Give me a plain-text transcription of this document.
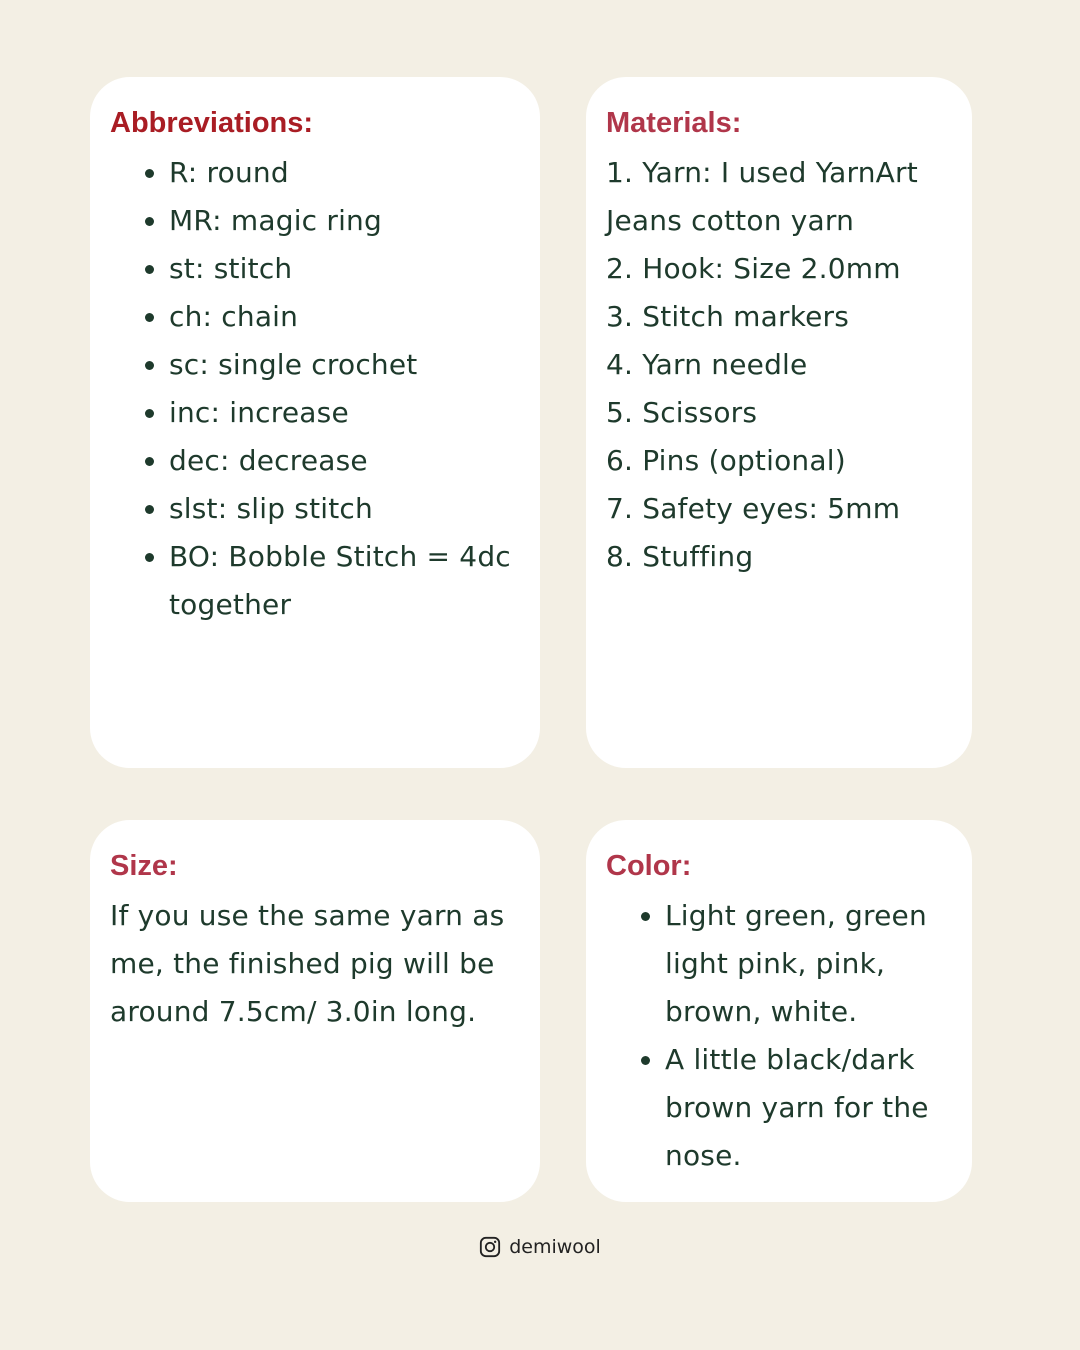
Abbreviations:
R: round
MR: magic ring
st: stitch
ch: chain
sc: single crochet
inc: increase
dec: decrease
slst: slip stitch
BO: Bobble Stitch = 4dc together
Materials:
1. Yarn: I used YarnArt Jeans cotton yarn
2. Hook: Size 2.0mm
3. Stitch markers
4. Yarn needle
5. Scissors
6. Pins (optional)
7. Safety eyes: 5mm
8. Stuffing
Size:

If you use the same yarn as me, the finished pig will be around 7.5cm/ 3.0in long.

Color:
Light green, green light pink, pink, brown, white.
A little black/dark brown yarn for the nose.
demiwool
